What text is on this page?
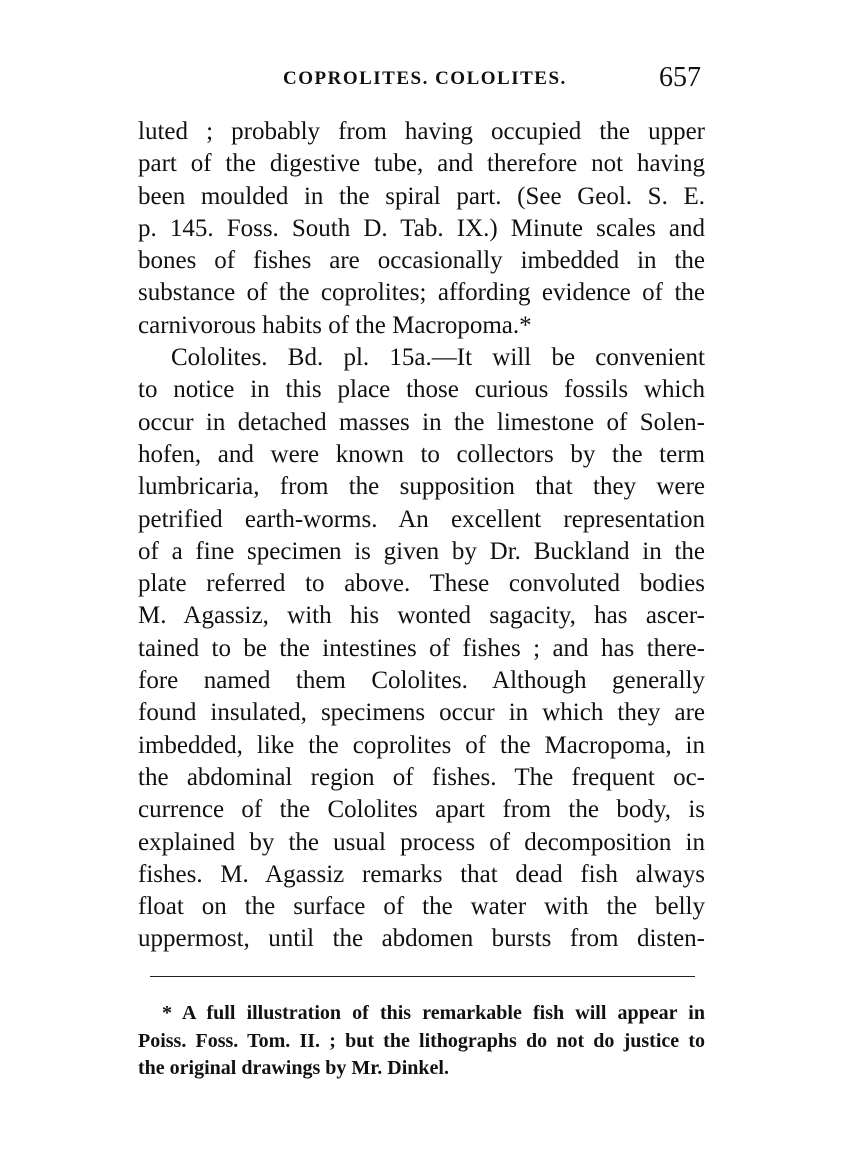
COPROLITES. COLOLITES.	657
luted ; probably from having occupied the upper
part of the digestive tube, and therefore not having
been moulded in the spiral part. (See Geol. S. E.
p. 145. Foss. South D. Tab. IX.) Minute scales and
bones of fishes are occasionally imbedded in the
substance of the coprolites; affording evidence of the
carnivorous habits of the Macropoma.*
Cololites. Bd. pl. 15a.—It will be convenient
to notice in this place those curious fossils which
occur in detached masses in the limestone of Solen-
hofen, and were known to collectors by the term
lumbricaria, from the supposition that they were
petrified earth-worms. An excellent representation
of a fine specimen is given by Dr. Buckland in the
plate referred to above. These convoluted bodies
M. Agassiz, with his wonted sagacity, has ascer-
tained to be the intestines of fishes ; and has there-
fore named them Cololites. Although generally
found insulated, specimens occur in which they are
imbedded, like the coprolites of the Macropoma, in
the abdominal region of fishes. The frequent oc-
currence of the Cololites apart from the body, is
explained by the usual process of decomposition in
fishes. M. Agassiz remarks that dead fish always
float on the surface of the water with the belly
uppermost, until the abdomen bursts from disten-
* A full illustration of this remarkable fish will appear in
Poiss. Foss. Tom. II. ; but the lithographs do not do justice to
the original drawings by Mr. Dinkel.
